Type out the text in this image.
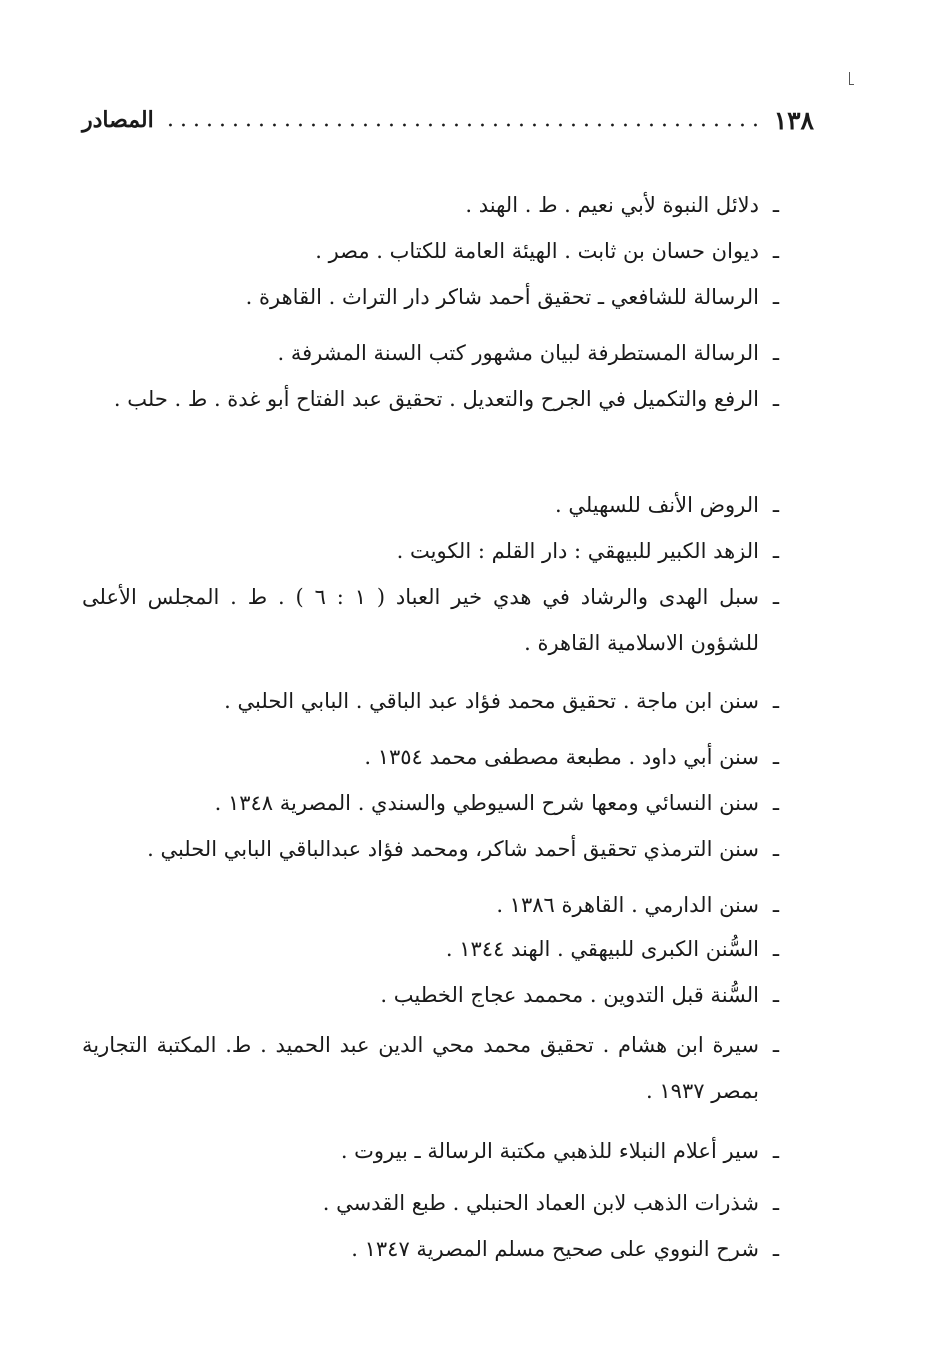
١٣٨
المصادر
ـ
دلائل النبوة لأبي نعيم . ط . الهند .
ـ
ديوان حسان بن ثابت . الهيئة العامة للكتاب . مصر .
ـ
الرسالة للشافعي ـ تحقيق أحمد شاكر دار التراث . القاهرة .
ـ
الرسالة المستطرفة لبيان مشهور كتب السنة المشرفة .
ـ
الرفع والتكميل في الجرح والتعديل . تحقيق عبد الفتاح أبو غدة . ط . حلب .
ـ
الروض الأنف للسهيلي .
ـ
الزهد الكبير للبيهقي : دار القلم : الكويت .
ـ
سبل الهدى والرشاد في هدي خير العباد ( ١ : ٦ ) . ط . المجلس الأعلى للشؤون الاسلامية القاهرة .
ـ
سنن ابن ماجة . تحقيق محمد فؤاد عبد الباقي . البابي الحلبي .
ـ
سنن أبي داود . مطبعة مصطفى محمد ١٣٥٤ .
ـ
سنن النسائي ومعها شرح السيوطي والسندي . المصرية ١٣٤٨ .
ـ
سنن الترمذي تحقيق أحمد شاكر، ومحمد فؤاد عبدالباقي البابي الحلبي .
ـ
سنن الدارمي . القاهرة ١٣٨٦ .
ـ
السُّنن الكبرى للبيهقي . الهند ١٣٤٤ .
ـ
السُّنة قبل التدوين . محممد عجاج الخطيب .
ـ
سيرة ابن هشام . تحقيق محمد محي الدين عبد الحميد . ط. المكتبة التجارية بمصر ١٩٣٧ .
ـ
سير أعلام النبلاء للذهبي مكتبة الرسالة ـ بيروت .
ـ
شذرات الذهب لابن العماد الحنبلي . طبع القدسي .
ـ
شرح النووي على صحيح مسلم المصرية ١٣٤٧ .
